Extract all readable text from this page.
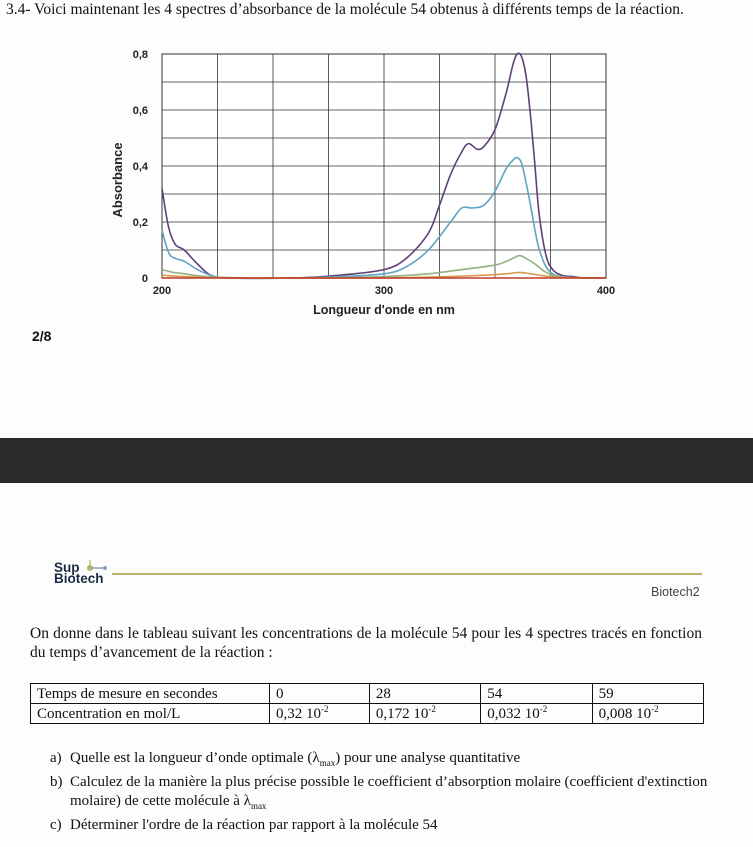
3.4- Voici maintenant les 4 spectres d’absorbance de la molécule 54 obtenus à différents temps de la réaction.
0
0,2
0,4
0,6
0,8
200	300	400
Absorbance
Longueur d'onde en nm
2/8
Sup
Biotech
Biotech2
On donne dans le tableau suivant les concentrations de la molécule 54 pour les 4 spectres tracés en fonction du temps d’avancement de la réaction :
Temps de mesure en secondes	0	28	54	59
Concentration en mol/L	0,32 $10^{-2}$	0,172 $10^{-2}$	0,032 $10^{-2}$	0,008 $10^{-2}$
a) Quelle est la longueur d’onde optimale $(\lambda_{max})$ pour une analyse quantitative
b) Calculez de la manière la plus précise possible le coefficient d’absorption molaire (coefficient d'extinction molaire) de cette molécule à $\lambda_{max}$
c) Déterminer l'ordre de la réaction par rapport à la molécule 54
